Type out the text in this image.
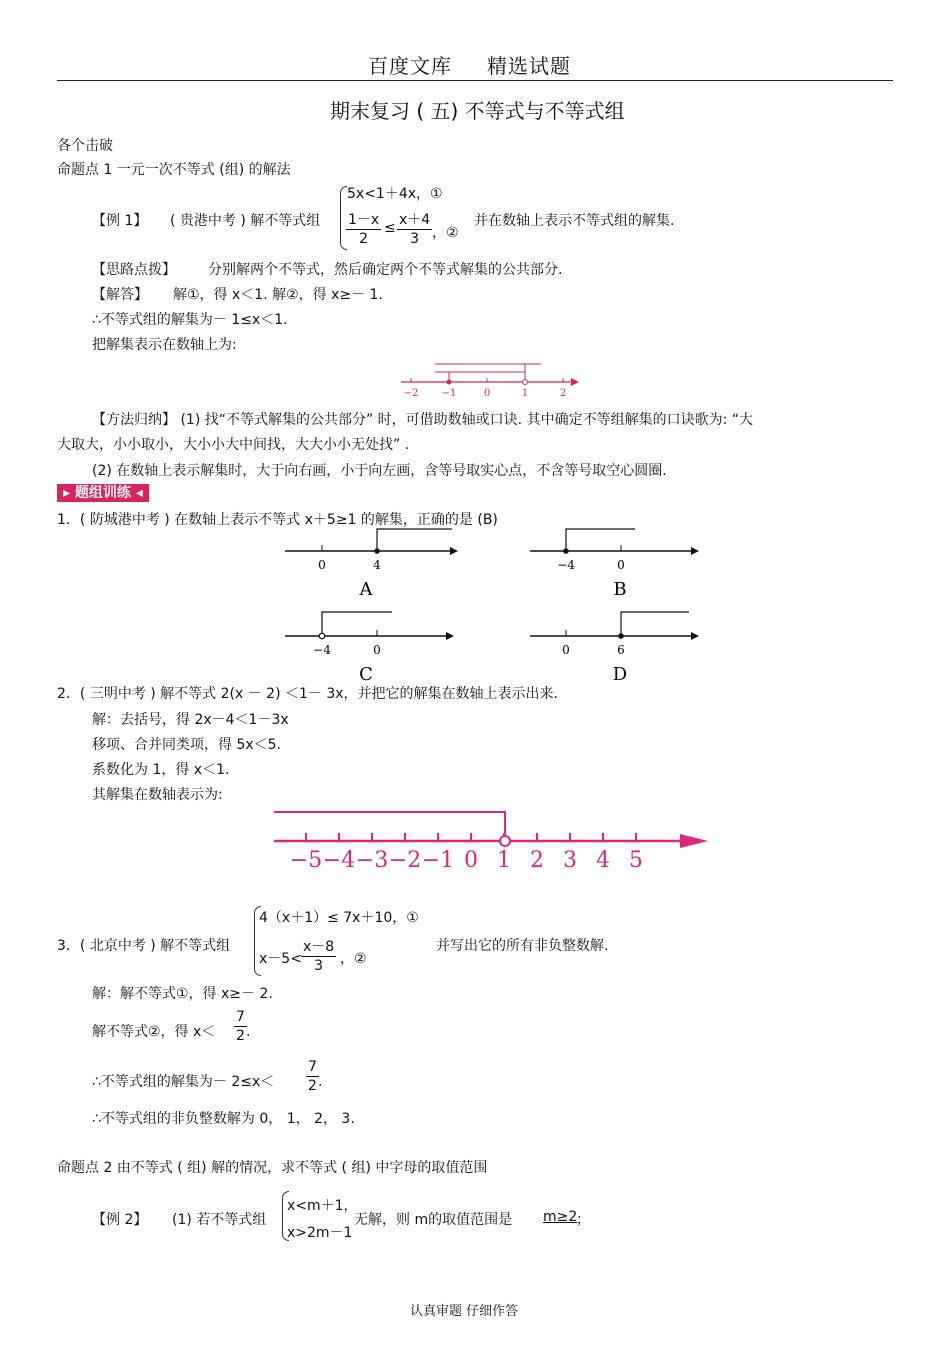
百度文库 精选试题
期末复习 ( 五) 不等式与不等式组
各个击破
命题点 1 一元一次不等式 (组) 的解法
【例 1】 ( 贵港中考 ) 解不等式组
5x<1＋4x，①
$\frac{1-x}{2} \le \frac{x+4}{3}$ ，②
并在数轴上表示不等式组的解集.
【思路点拨】 分别解两个不等式，然后确定两个不等式解集的公共部分.
【解答】 解①，得 x＜1. 解②，得 x≥－ 1.
∴不等式组的解集为－ 1≤x＜1.
把解集表示在数轴上为:
−2 −1	0	1	2
【方法归纳】 (1) 找“不等式解集的公共部分” 时，可借助数轴或口诀. 其中确定不等组解集的口诀歌为: “大
大取大，小小取小，大小小大中间找，大大小小无处找” .
(2) 在数轴上表示解集时，大于向右画，小于向左画，含等号取实心点，不含等号取空心圆圈.
▸ 题组训练 ◂
1．( 防城港中考 ) 在数轴上表示不等式 x＋5≥1 的解集，正确的是 (B)
0	4
A
−4	0
B
−4	0
C
0	6
D
2．( 三明中考 ) 解不等式 2(x － 2) ＜1－ 3x，并把它的解集在数轴上表示出来.
解：去括号，得 2x－4＜1－3x
移项、合并同类项，得 5x＜5.
系数化为 1，得 x＜1.
其解集在数轴表示为:
−5 −4 −3 −2 −1 0 1 2 3 4 5
3．( 北京中考 ) 解不等式组
4（x＋1）≤ 7x＋10，①
$x-5< \frac{x-8}{3}$ ，②
并写出它的所有非负整数解.
解：解不等式①，得 x≥－ 2.
解不等式②，得 $x< \frac{7}{2}$ .
∴不等式组的解集为－ $2\le x< \frac{7}{2}$ .
∴不等式组的非负整数解为 0， 1， 2， 3.
命题点 2 由不等式 ( 组) 解的情况，求不等式 ( 组) 中字母的取值范围
【例 2】 (1) 若不等式组
x<m＋1，
x>2m－1
无解，则 m的取值范围是 m≥2
；
认真审题 仔细作答
